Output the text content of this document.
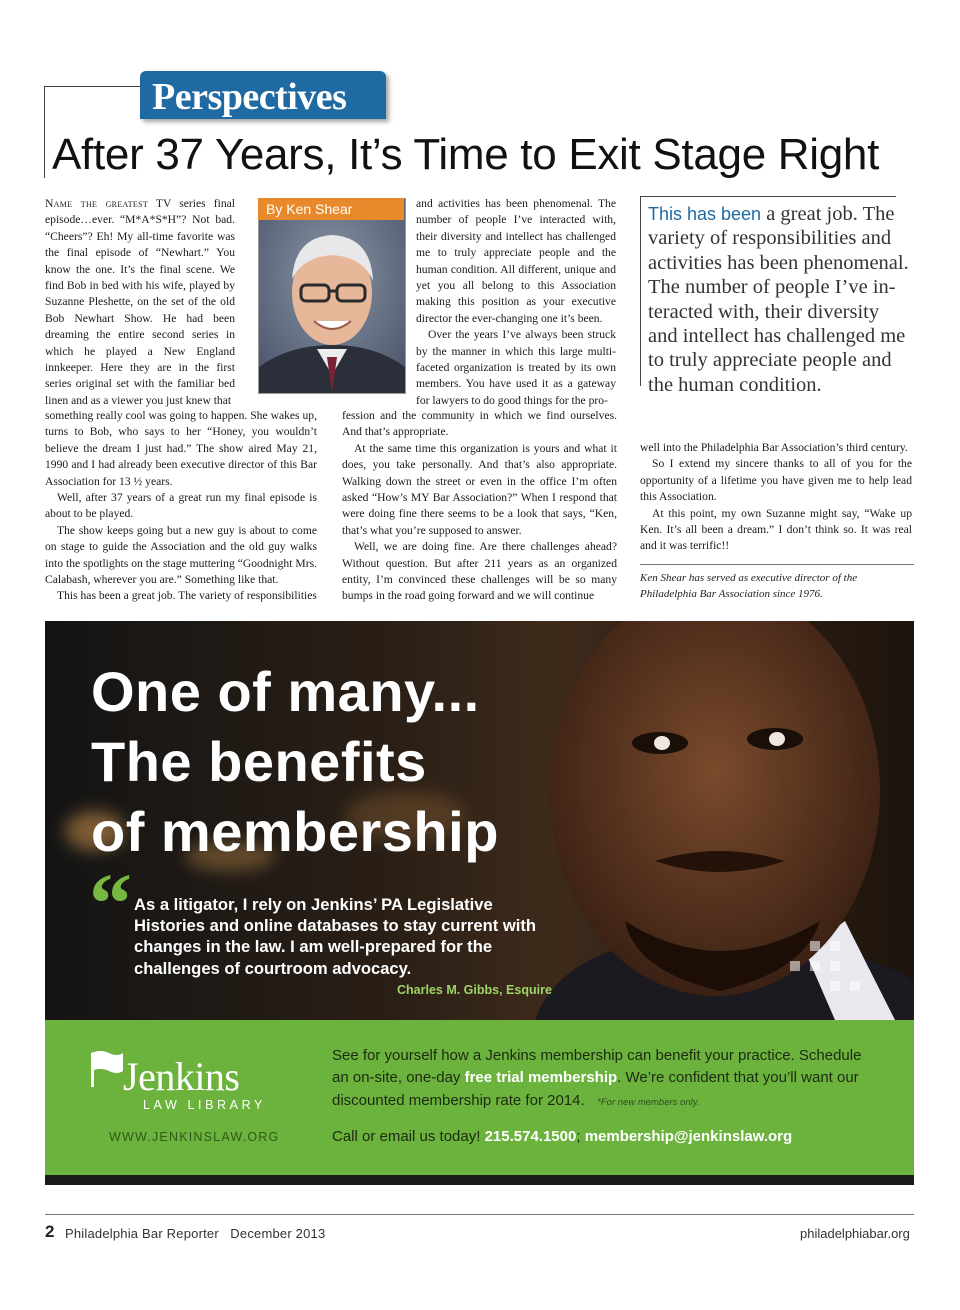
Perspectives
After 37 Years, It’s Time to Exit Stage Right

Name the greatest TV series final episode…ever. “M*A*S*H”? Not bad. “Cheers”? Eh! My all-time favorite was the final episode of “Newhart.” You know the one. It’s the final scene. We find Bob in bed with his wife, played by Suzanne Pleshette, on the set of the old Bob Newhart Show. He had been dreaming the entire second series in which he played a New England innkeeper. Here they are in the first series original set with the familiar bed linen and as a viewer you just knew that

something really cool was going to happen. She wakes up, turns to Bob, who says to her “Honey, you wouldn’t believe the dream I just had.” The show aired May 21, 1990 and I had already been executive director of this Bar Association for 13 ½ years.

Well, after 37 years of a great run my final episode is about to be played.

The show keeps going but a new guy is about to come on stage to guide the Association and the old guy walks into the spotlights on the stage muttering “Goodnight Mrs. Calabash, wherever you are.” Something like that.

This has been a great job. The variety of responsibilities

By Ken Shear	and activities has been phenomenal. The number of people I’ve interacted with, their diversity and intellect has challenged me to truly appreciate people and the human condition. All different, unique and yet you all belong to this Association making this position as your executive director the ever-changing one it’s been.

Over the years I’ve always been struck by the manner in which this large multi-faceted organization is treated by its own members. You have used it as a gateway for lawyers to do good things for the pro-

fession and the community in which we find ourselves. And that’s appropriate.

At the same time this organization is yours and what it does, you take personally. And that’s also appropriate. Walking down the street or even in the office I’m often asked “How’s MY Bar Association?” When I respond that were doing fine there seems to be a look that says, “Ken, that’s what you’re supposed to answer.

Well, we are doing fine. Are there challenges ahead? Without question. But after 211 years as an organized entity, I’m convinced these challenges will be so many bumps in the road going forward and we will continue

This has been a great job. The variety of responsibilities and activities has been phenomenal. The number of people I’ve in-teracted with, their diversity and intellect has challenged me to truly appreciate people and the human condition.

well into the Philadelphia Bar Association’s third century.

So I extend my sincere thanks to all of you for the opportunity of a lifetime you have given me to help lead this Association.

At this point, my own Suzanne might say, “Wake up Ken. It’s all been a dream.” I don’t think so. It was real and it was terrific!!

Ken Shear has served as executive director of the Philadelphia Bar Association since 1976.
One of many...
The benefits
of membership
“ As a litigator, I rely on Jenkins’ PA Legislative Histories and online databases to stay current with changes in the law. I am well-prepared for the challenges of courtroom advocacy.
Charles M. Gibbs, Esquire
Jenkins
LAW LIBRARY
WWW.JENKINSLAW.ORG
See for yourself how a Jenkins membership can benefit your practice. Schedule an on-site, one-day free trial membership. We’re confident that you’ll want our discounted membership rate for 2014. *For new members only.
Call or email us today! 215.574.1500; membership@jenkinslaw.org
2 Philadelphia Bar Reporter   December 2013	philadelphiabar.org
